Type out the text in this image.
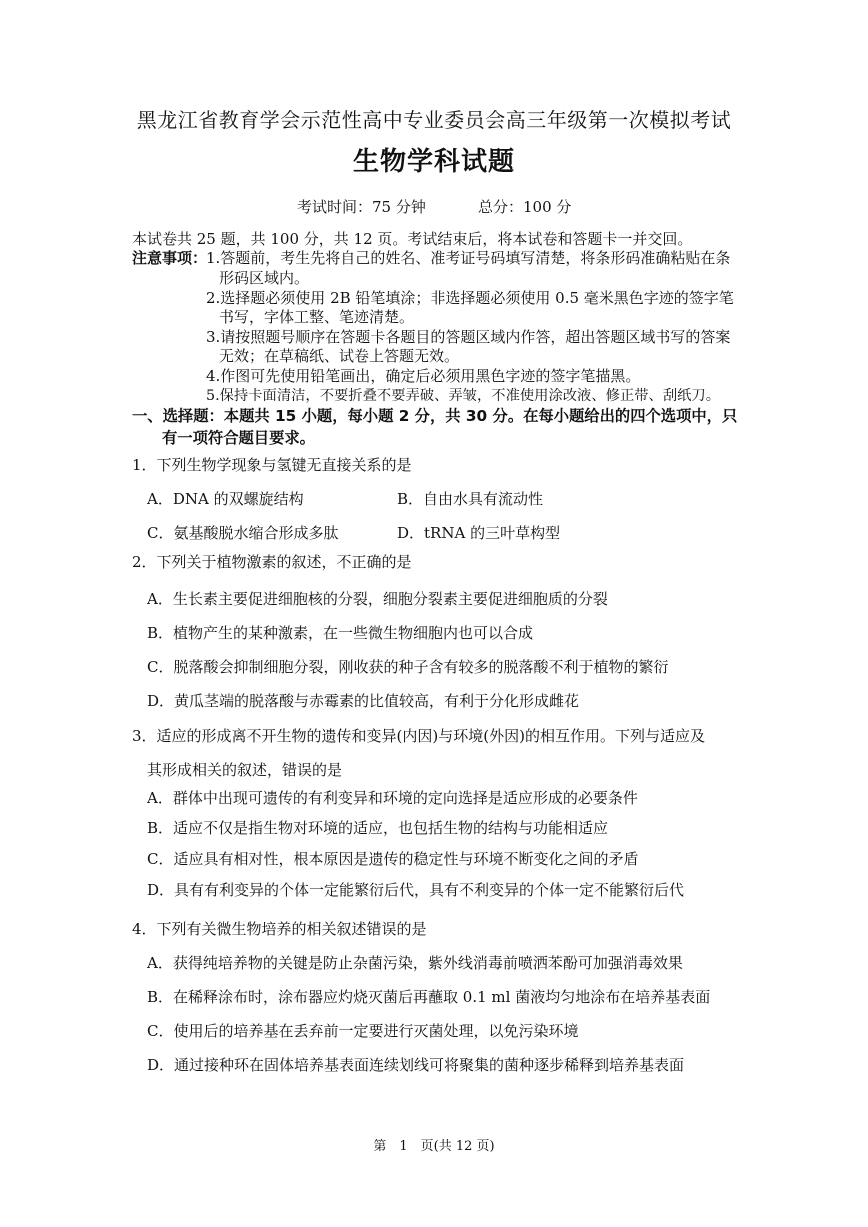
黑龙江省教育学会示范性高中专业委员会高三年级第一次模拟考试
生物学科试题
考试时间：75 分钟	总分：100 分
本试卷共 25 题，共 100 分，共 12 页。考试结束后，将本试卷和答题卡一并交回。
注意事项：
1.答题前，考生先将自己的姓名、准考证号码填写清楚，将条形码准确粘贴在条
形码区域内。
2.选择题必须使用 2B 铅笔填涂；非选择题必须使用 0.5 毫米黑色字迹的签字笔
书写，字体工整、笔迹清楚。
3.请按照题号顺序在答题卡各题目的答题区域内作答，超出答题区域书写的答案
无效；在草稿纸、试卷上答题无效。
4.作图可先使用铅笔画出，确定后必须用黑色字迹的签字笔描黑。
5.保持卡面清洁，不要折叠不要弄破、弄皱，不准使用涂改液、修正带、刮纸刀。
一、选择题：本题共 15 小题，每小题 2 分，共 30 分。在每小题给出的四个选项中，只
有一项符合题目要求。
1．下列生物学现象与氢键无直接关系的是
A．DNA 的双螺旋结构	B．自由水具有流动性
C．氨基酸脱水缩合形成多肽	D．tRNA 的三叶草构型
2．下列关于植物激素的叙述，不正确的是
A．生长素主要促进细胞核的分裂，细胞分裂素主要促进细胞质的分裂
B．植物产生的某种激素，在一些微生物细胞内也可以合成
C．脱落酸会抑制细胞分裂，刚收获的种子含有较多的脱落酸不利于植物的繁衍
D．黄瓜茎端的脱落酸与赤霉素的比值较高，有利于分化形成雌花
3．适应的形成离不开生物的遗传和变异(内因)与环境(外因)的相互作用。下列与适应及
其形成相关的叙述，错误的是
A．群体中出现可遗传的有利变异和环境的定向选择是适应形成的必要条件
B．适应不仅是指生物对环境的适应，也包括生物的结构与功能相适应
C．适应具有相对性，根本原因是遗传的稳定性与环境不断变化之间的矛盾
D．具有有利变异的个体一定能繁衍后代，具有不利变异的个体一定不能繁衍后代
4．下列有关微生物培养的相关叙述错误的是
A．获得纯培养物的关键是防止杂菌污染，紫外线消毒前喷洒苯酚可加强消毒效果
B．在稀释涂布时，涂布器应灼烧灭菌后再蘸取 0.1 ml 菌液均匀地涂布在培养基表面
C．使用后的培养基在丢弃前一定要进行灭菌处理，以免污染环境
D．通过接种环在固体培养基表面连续划线可将聚集的菌种逐步稀释到培养基表面
第　1　页(共 12 页)
